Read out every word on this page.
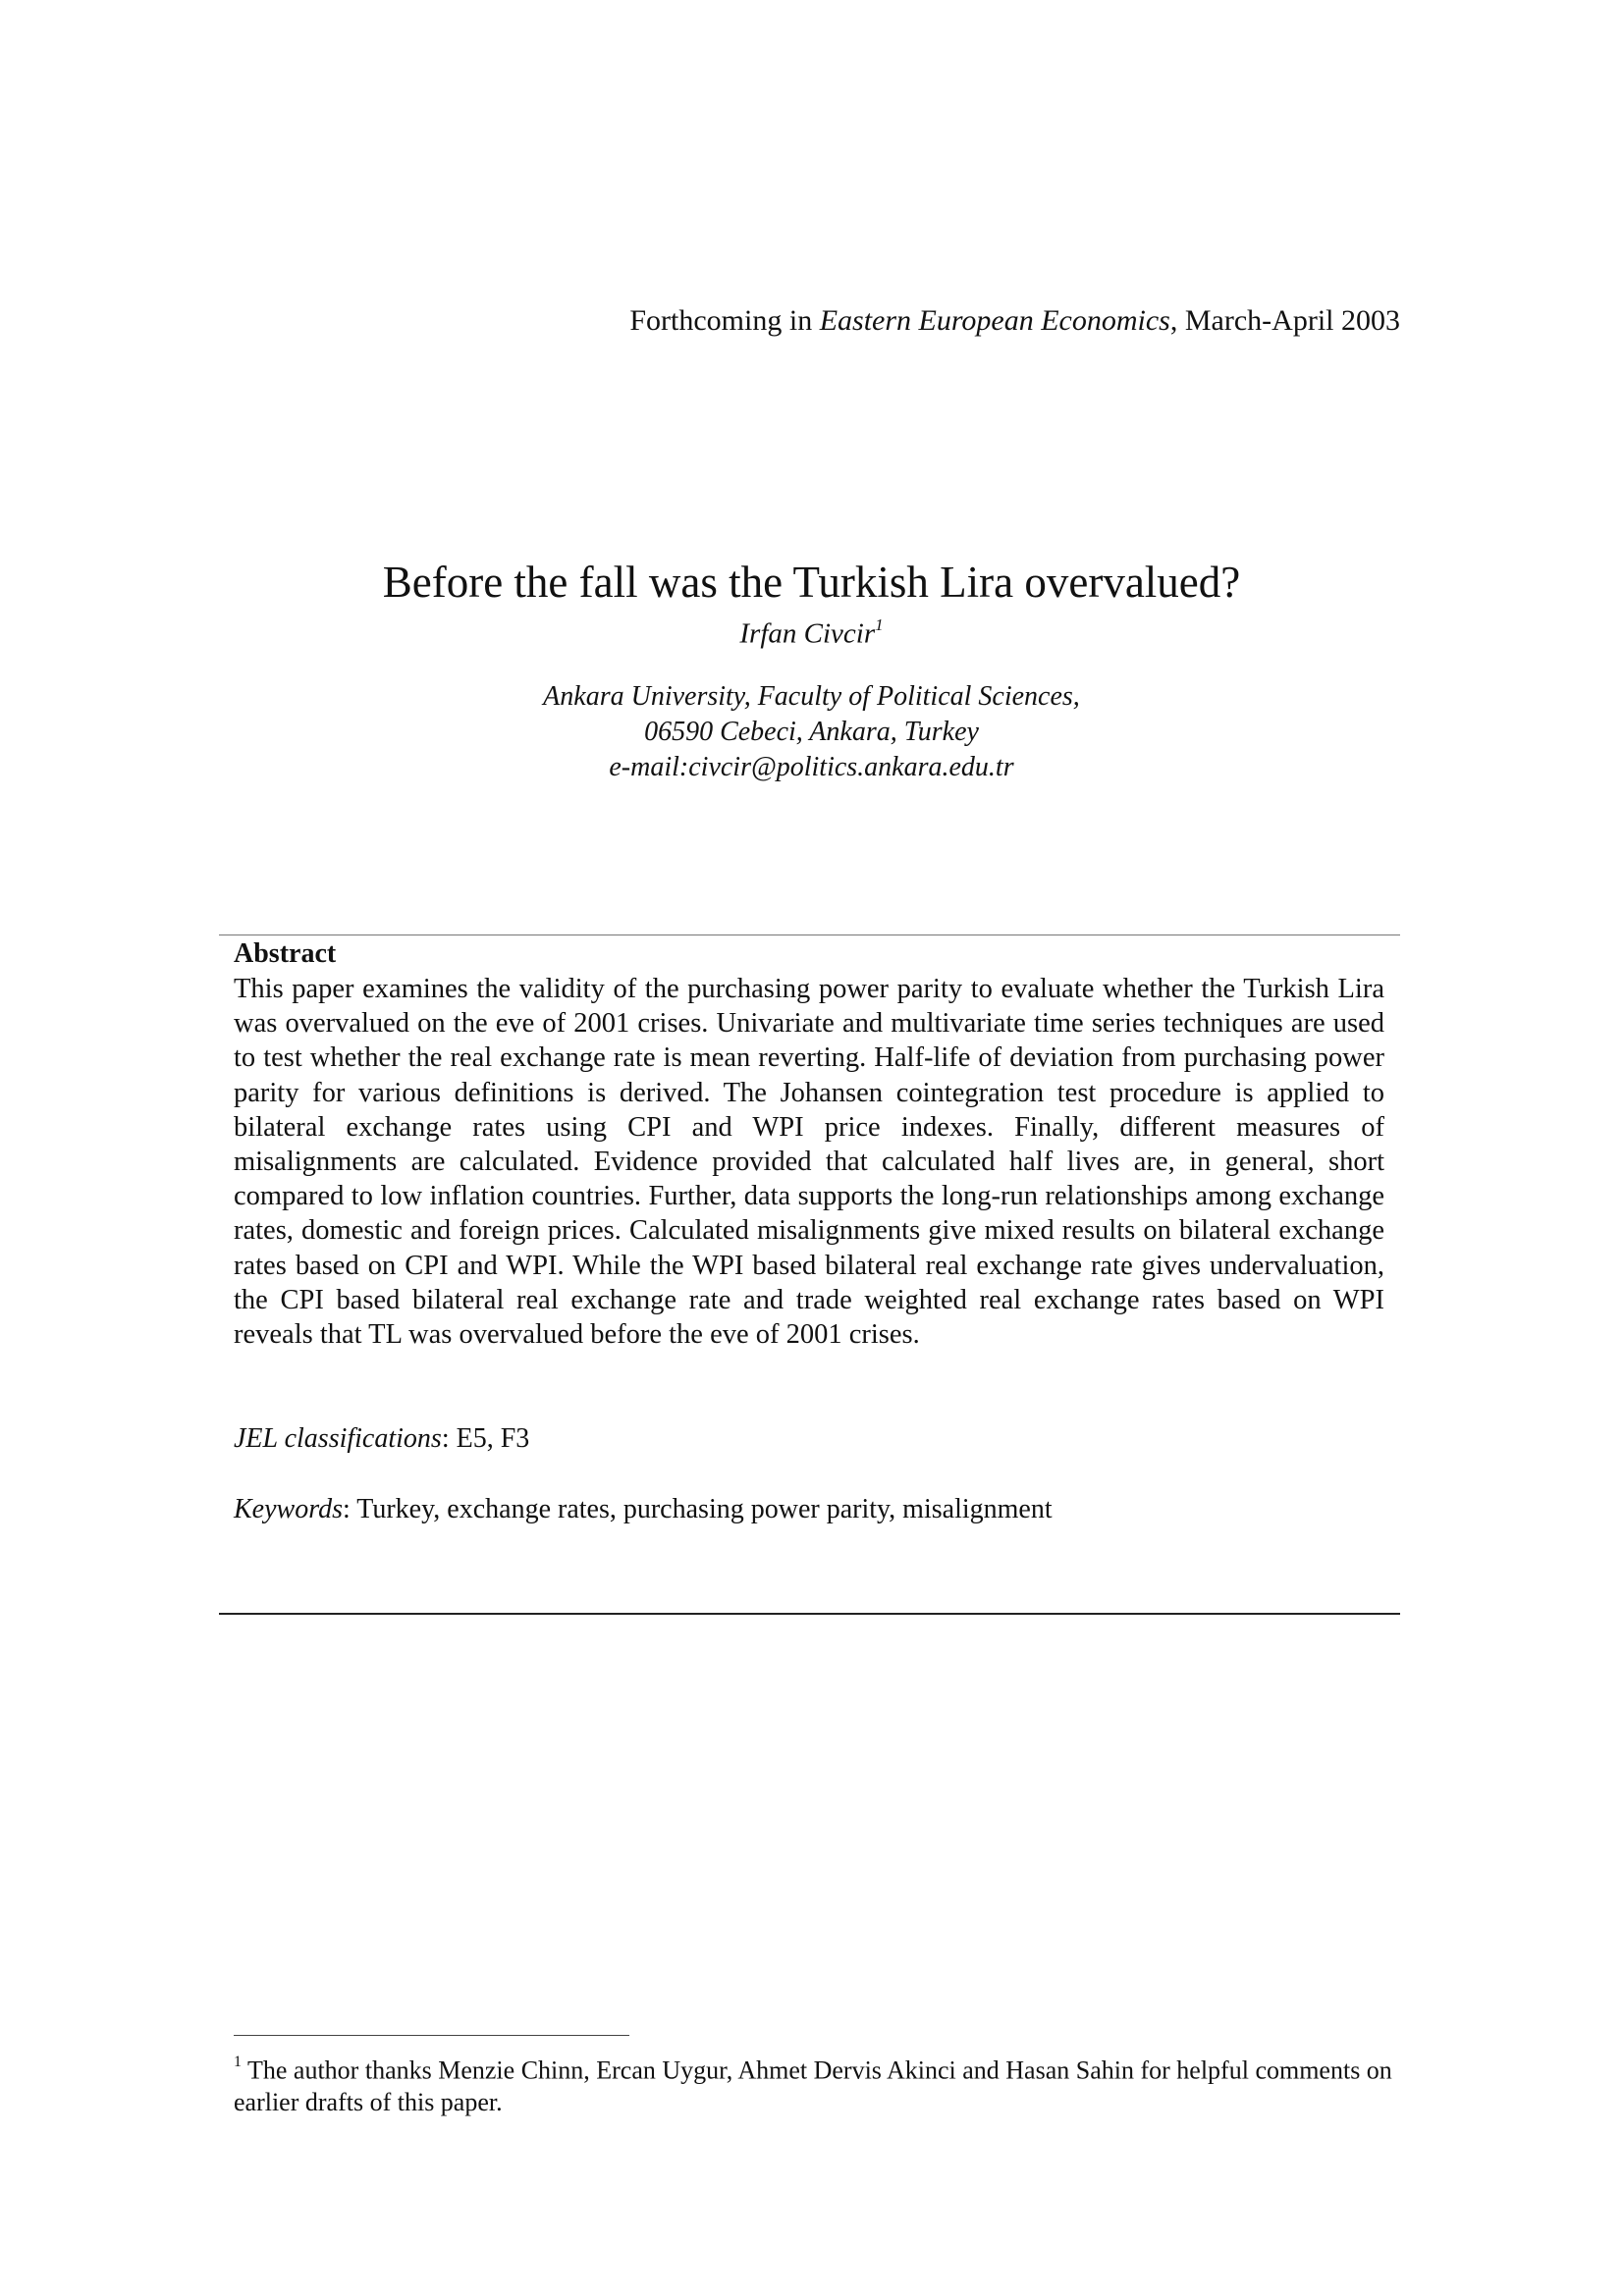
Forthcoming in Eastern European Economics, March-April 2003
Before the fall was the Turkish Lira overvalued?
Irfan Civcir$^1$
Ankara University, Faculty of Political Sciences,
06590 Cebeci, Ankara, Turkey
e-mail:civcir@politics.ankara.edu.tr
Abstract

This paper examines the validity of the purchasing power parity to evaluate whether the Turkish Lira was overvalued on the eve of 2001 crises. Univariate and multivariate time series techniques are used to test whether the real exchange rate is mean reverting. Half-life of deviation from purchasing power parity for various definitions is derived. The Johansen cointegration test procedure is applied to bilateral exchange rates using CPI and WPI price indexes. Finally, different measures of misalignments are calculated. Evidence provided that calculated half lives are, in general, short compared to low inflation countries. Further, data supports the long-run relationships among exchange rates, domestic and foreign prices. Calculated misalignments give mixed results on bilateral exchange rates based on CPI and WPI. While the WPI based bilateral real exchange rate gives undervaluation, the CPI based bilateral real exchange rate and trade weighted real exchange rates based on WPI reveals that TL was overvalued before the eve of 2001 crises.

JEL classifications: E5, F3
Keywords: Turkey, exchange rates, purchasing power parity, misalignment
$^1$ The author thanks Menzie Chinn, Ercan Uygur, Ahmet Dervis Akinci and Hasan Sahin for helpful comments on earlier drafts of this paper.
